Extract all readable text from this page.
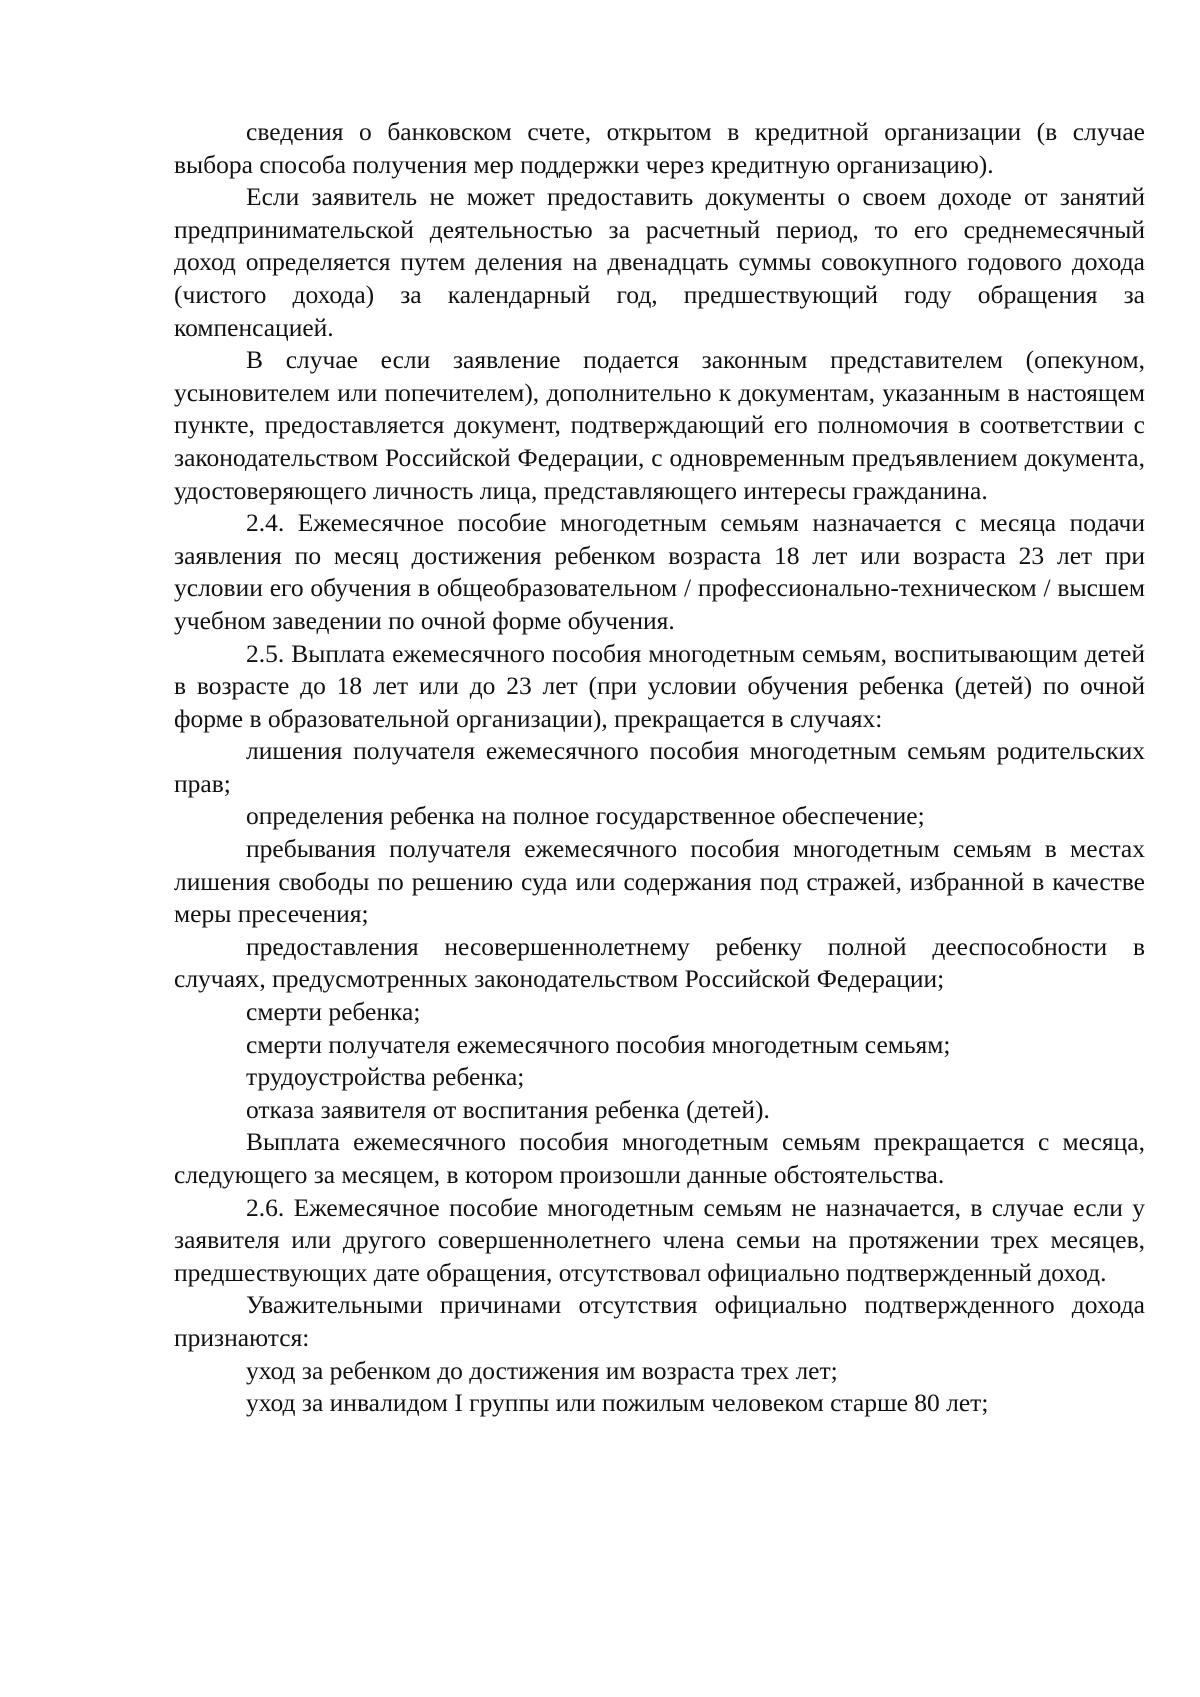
сведения о банковском счете, открытом в кредитной организации (в случае выбора способа получения мер поддержки через кредитную организацию).

Если заявитель не может предоставить документы о своем доходе от занятий предпринимательской деятельностью за расчетный период, то его среднемесячный доход определяется путем деления на двенадцать суммы совокупного годового дохода (чистого дохода) за календарный год, предшествующий году обращения за компенсацией.

В случае если заявление подается законным представителем (опекуном, усыновителем или попечителем), дополнительно к документам, указанным в настоящем пункте, предоставляется документ, подтверждающий его полномочия в соответствии с законодательством Российской Федерации, с одновременным предъявлением документа, удостоверяющего личность лица, представляющего интересы гражданина.

2.4. Ежемесячное пособие многодетным семьям назначается с месяца подачи заявления по месяц достижения ребенком возраста 18 лет или возраста 23 лет при условии его обучения в общеобразовательном / профессионально-техническом / высшем учебном заведении по очной форме обучения.

2.5. Выплата ежемесячного пособия многодетным семьям, воспитывающим детей в возрасте до 18 лет или до 23 лет (при условии обучения ребенка (детей) по очной форме в образовательной организации), прекращается в случаях:

лишения получателя ежемесячного пособия многодетным семьям родительских прав;

определения ребенка на полное государственное обеспечение;

пребывания получателя ежемесячного пособия многодетным семьям в местах лишения свободы по решению суда или содержания под стражей, избранной в качестве меры пресечения;

предоставления несовершеннолетнему ребенку полной дееспособности в случаях, предусмотренных законодательством Российской Федерации;

смерти ребенка;

смерти получателя ежемесячного пособия многодетным семьям;

трудоустройства ребенка;

отказа заявителя от воспитания ребенка (детей).

Выплата ежемесячного пособия многодетным семьям прекращается с месяца, следующего за месяцем, в котором произошли данные обстоятельства.

2.6. Ежемесячное пособие многодетным семьям не назначается, в случае если у заявителя или другого совершеннолетнего члена семьи на протяжении трех месяцев, предшествующих дате обращения, отсутствовал официально подтвержденный доход.

Уважительными причинами отсутствия официально подтвержденного дохода признаются:

уход за ребенком до достижения им возраста трех лет;

уход за инвалидом I группы или пожилым человеком старше 80 лет;
